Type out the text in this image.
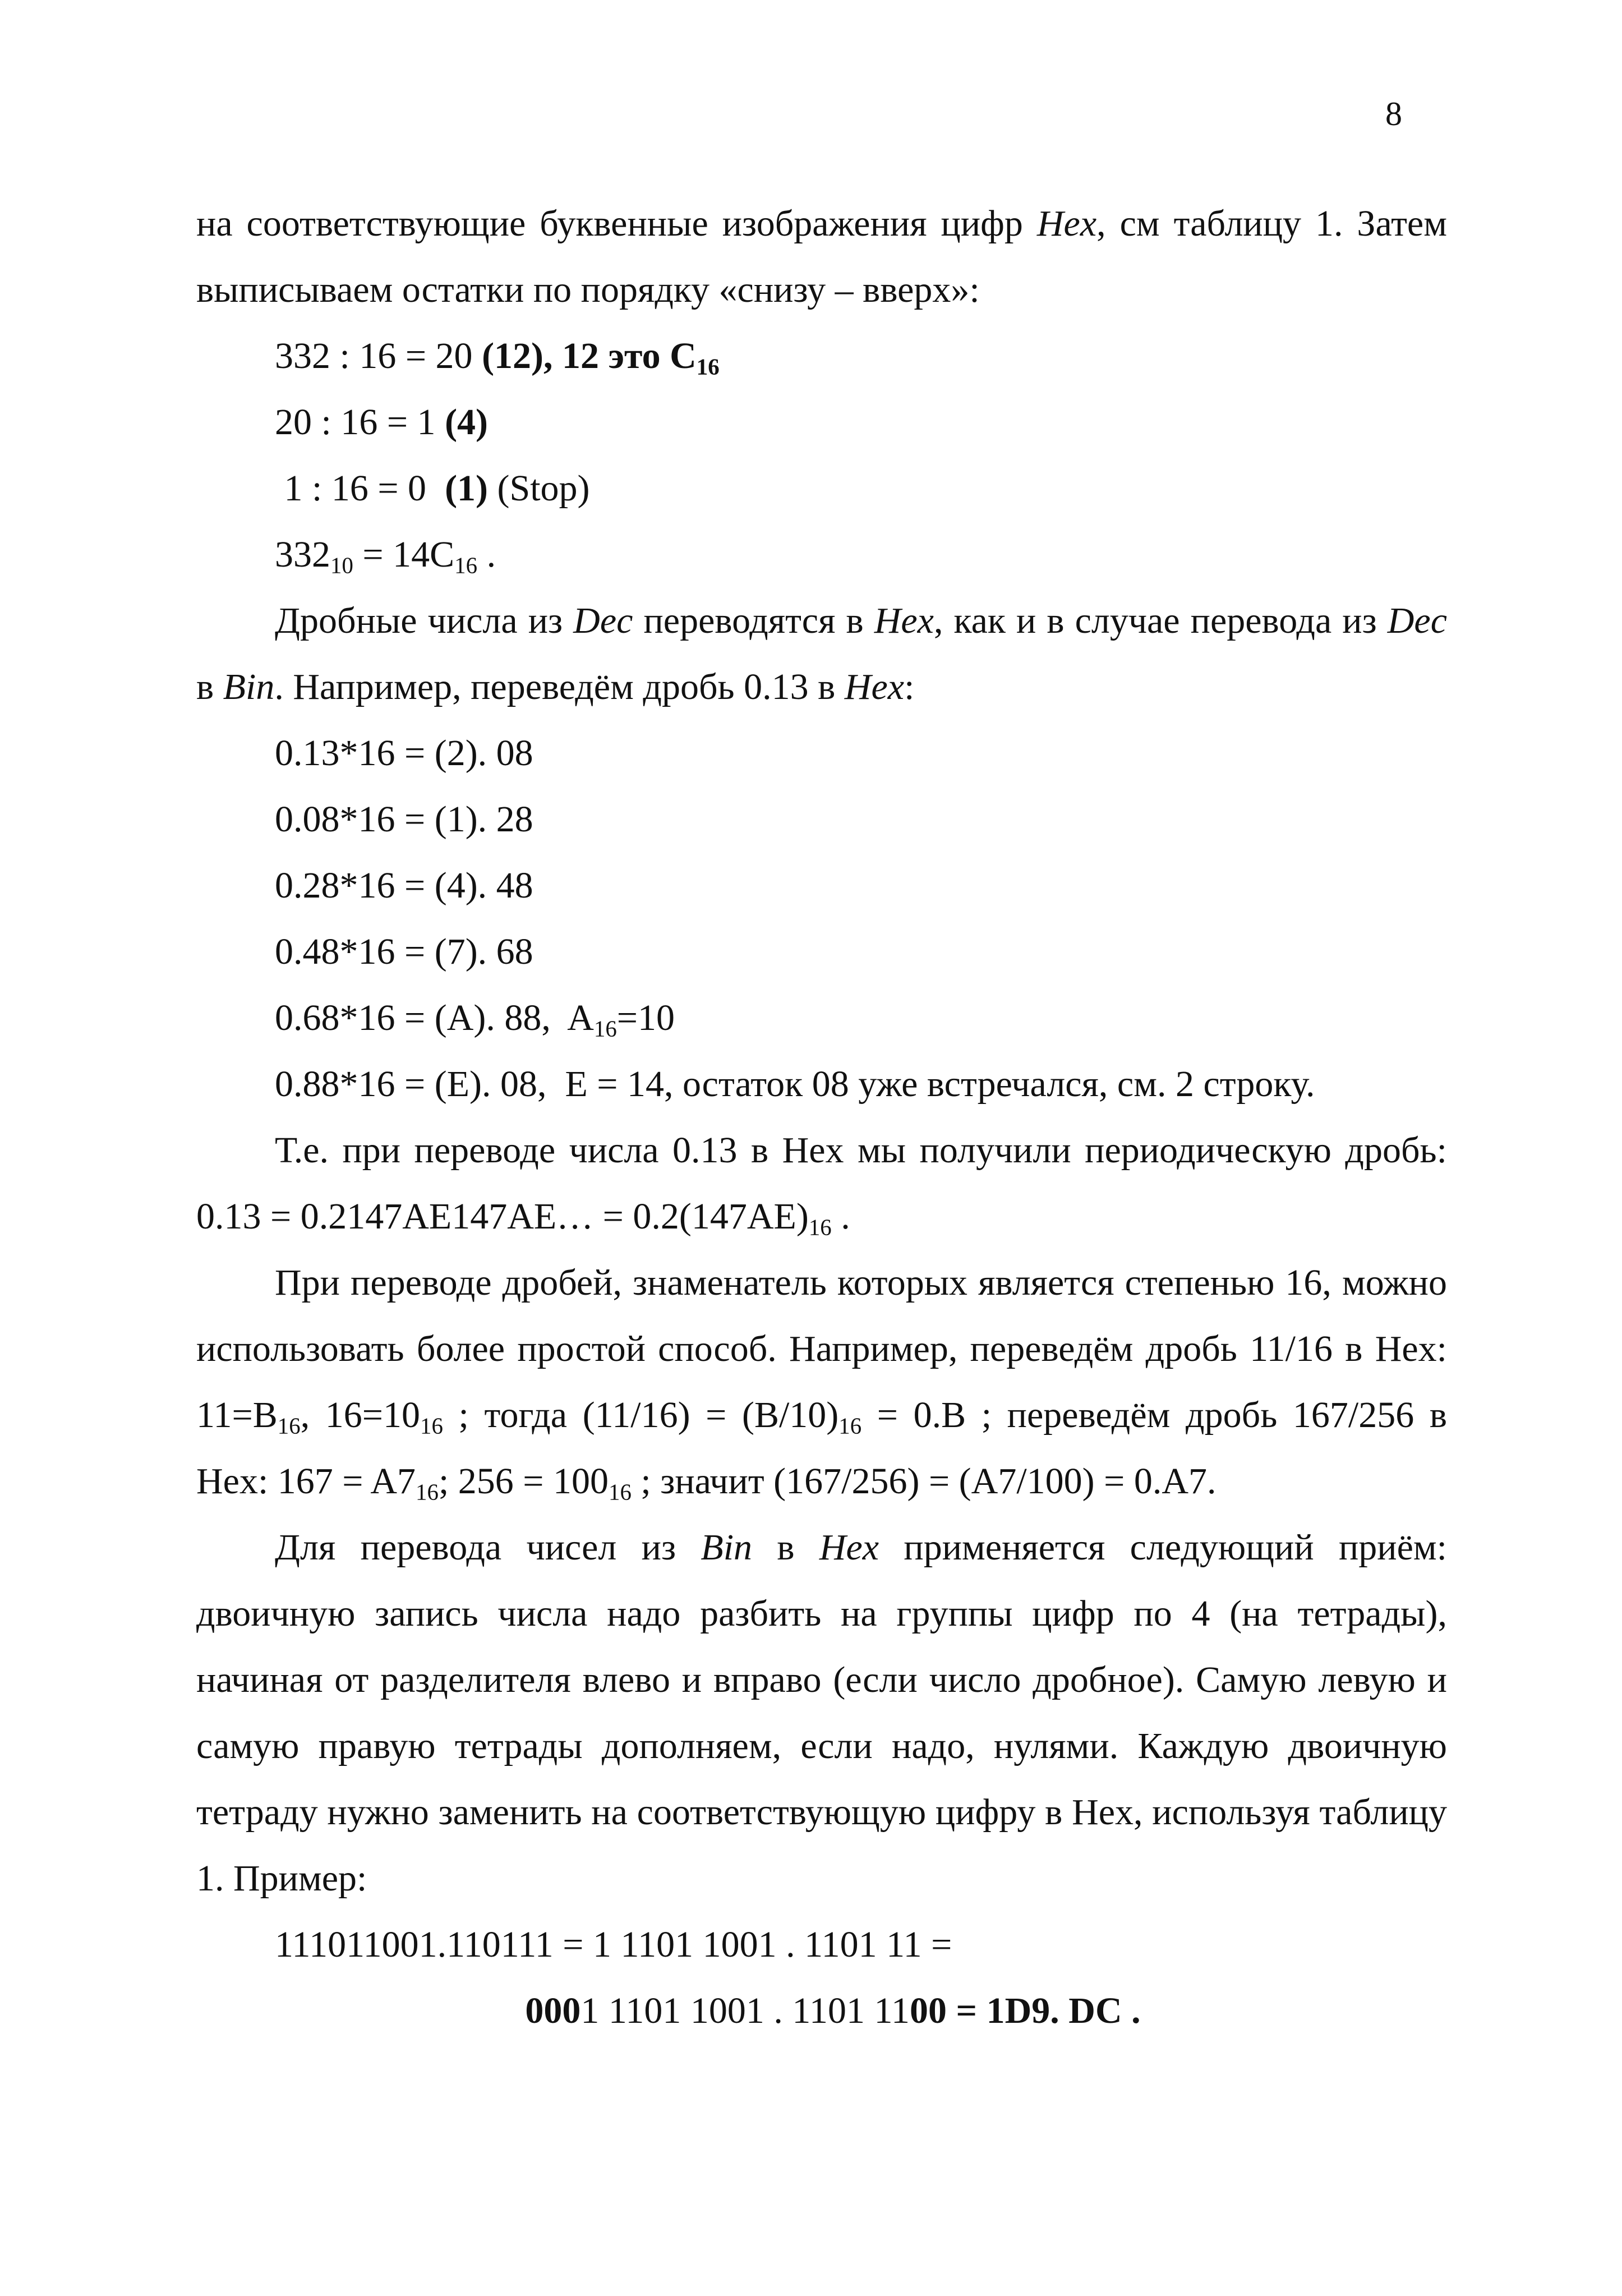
8

на соответствующие буквенные изображения цифр Hex, см таблицу 1. Затем выписываем остатки по порядку «снизу – вверх»:

332 : 16 = 20 (12), 12 это $C_{16}$

20 : 16 = 1 (4)

1 : 16 = 0  (1) (Stop)

$332_{10} = 14C_{16}$ .

Дробные числа из Dec переводятся в Hex, как и в случае перевода из Dec в Bin. Например, переведём дробь 0.13 в Hex:

0.13*16 = (2). 08

0.08*16 = (1). 28

0.28*16 = (4). 48

0.48*16 = (7). 68

0.68*16 = (A). 88,  $A_{16}=10$

0.88*16 = (E). 08,  E = 14, остаток 08 уже встречался, см. 2 строку.

Т.е. при переводе числа 0.13 в Hex мы получили периодическую дробь: 0.13 = 0.2147AE147AE… = $0.2(147AE)_{16}$ .

При переводе дробей, знаменатель которых является степенью 16, можно использовать более простой способ. Например, переведём дробь 11/16 в Hex: $11=B_{16}$, $16=10_{16}$ ; тогда $(11/16) = (B/10)_{16} = 0.B$ ; переведём дробь 167/256 в Hex: $167 = A7_{16}$; $256 = 100_{16}$ ; значит (167/256) = (A7/100) = 0.A7.

Для перевода чисел из Bin в Hex применяется следующий приём: двоичную запись числа надо разбить на группы цифр по 4 (на тетрады), начиная от разделителя влево и вправо (если число дробное). Самую левую и самую правую тетрады дополняем, если надо, нулями. Каждую двоичную тетраду нужно заменить на соответствующую цифру в Hex, используя таблицу 1. Пример:

111011001.110111 = 1 1101 1001 . 1101 11 =

0001 1101 1001 . 1101 1100 = 1D9. DC .
